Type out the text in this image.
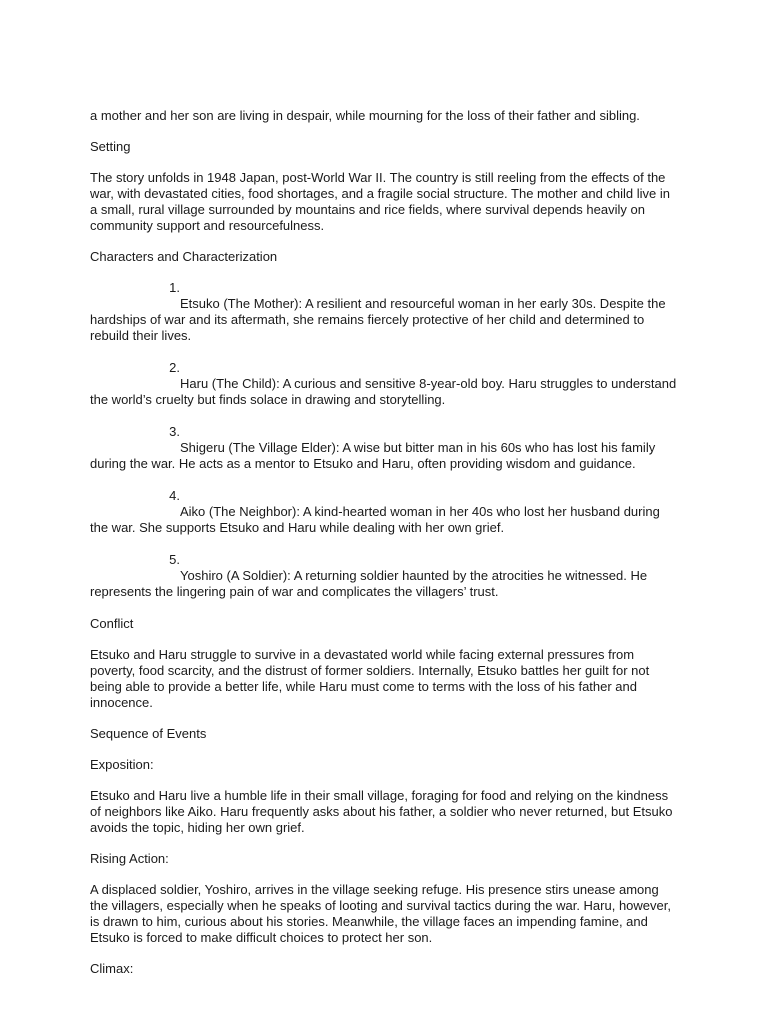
a mother and her son are living in despair, while mourning for the loss of their father and sibling.

Setting

The story unfolds in 1948 Japan, post-World War II. The country is still reeling from the effects of the war, with devastated cities, food shortages, and a fragile social structure. The mother and child live in a small, rural village surrounded by mountains and rice fields, where survival depends heavily on community support and resourcefulness.

Characters and Characterization

1.Etsuko (The Mother): A resilient and resourceful woman in her early 30s. Despite the hardships of war and its aftermath, she remains fiercely protective of her child and determined to rebuild their lives.
2.Haru (The Child): A curious and sensitive 8-year-old boy. Haru struggles to understand the world’s cruelty but finds solace in drawing and storytelling.
3.Shigeru (The Village Elder): A wise but bitter man in his 60s who has lost his family during the war. He acts as a mentor to Etsuko and Haru, often providing wisdom and guidance.
4.Aiko (The Neighbor): A kind-hearted woman in her 40s who lost her husband during the war. She supports Etsuko and Haru while dealing with her own grief.
5.Yoshiro (A Soldier): A returning soldier haunted by the atrocities he witnessed. He represents the lingering pain of war and complicates the villagers’ trust.

Conflict

Etsuko and Haru struggle to survive in a devastated world while facing external pressures from poverty, food scarcity, and the distrust of former soldiers. Internally, Etsuko battles her guilt for not being able to provide a better life, while Haru must come to terms with the loss of his father and innocence.

Sequence of Events

Exposition:

Etsuko and Haru live a humble life in their small village, foraging for food and relying on the kindness of neighbors like Aiko. Haru frequently asks about his father, a soldier who never returned, but Etsuko avoids the topic, hiding her own grief.

Rising Action:

A displaced soldier, Yoshiro, arrives in the village seeking refuge. His presence stirs unease among the villagers, especially when he speaks of looting and survival tactics during the war. Haru, however, is drawn to him, curious about his stories. Meanwhile, the village faces an impending famine, and Etsuko is forced to make difficult choices to protect her son.

Climax:
